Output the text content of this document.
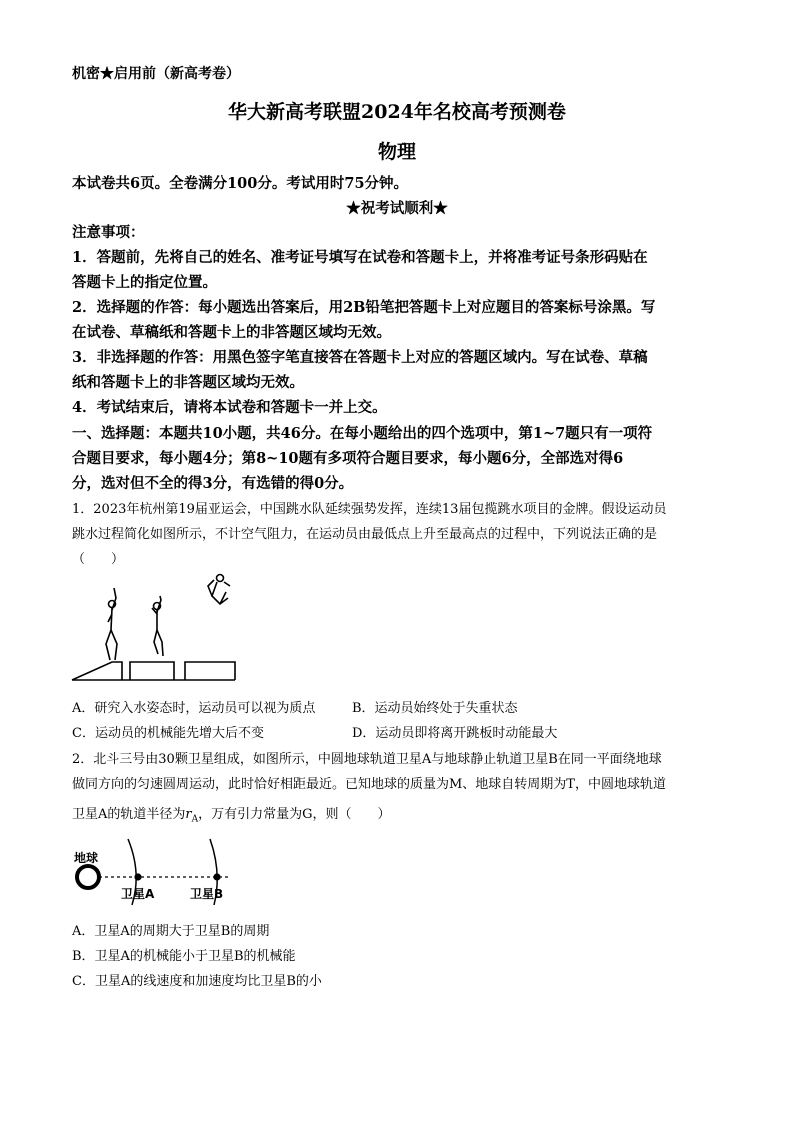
机密★启用前（新高考卷）
华大新高考联盟2024年名校高考预测卷
物理
本试卷共6页。全卷满分100分。考试用时75分钟。
★祝考试顺利★
注意事项：
1．答题前，先将自己的姓名、准考证号填写在试卷和答题卡上，并将准考证号条形码贴在
答题卡上的指定位置。
2．选择题的作答：每小题选出答案后，用2B铅笔把答题卡上对应题目的答案标号涂黑。写
在试卷、草稿纸和答题卡上的非答题区域均无效。
3．非选择题的作答：用黑色签字笔直接答在答题卡上对应的答题区域内。写在试卷、草稿
纸和答题卡上的非答题区域均无效。
4．考试结束后，请将本试卷和答题卡一并上交。
一、选择题：本题共10小题，共46分。在每小题给出的四个选项中，第1~7题只有一项符
合题目要求，每小题4分；第8~10题有多项符合题目要求，每小题6分，全部选对得6
分，选对但不全的得3分，有选错的得0分。
1．2023年杭州第19届亚运会，中国跳水队延续强势发挥，连续13届包揽跳水项目的金牌。假设运动员
跳水过程简化如图所示，不计空气阻力，在运动员由最低点上升至最高点的过程中，下列说法正确的是
（　　）
A．研究入水姿态时，运动员可以视为质点	B．运动员始终处于失重状态
C．运动员的机械能先增大后不变	D．运动员即将离开跳板时动能最大
2．北斗三号由30颗卫星组成，如图所示，中圆地球轨道卫星A与地球静止轨道卫星B在同一平面绕地球
做同方向的匀速圆周运动，此时恰好相距最近。已知地球的质量为M、地球自转周期为T，中圆地球轨道
卫星A的轨道半径为$r_A$，万有引力常量为G，则（　　）
地球
卫星A	卫星B
A．卫星A的周期大于卫星B的周期
B．卫星A的机械能小于卫星B的机械能
C．卫星A的线速度和加速度均比卫星B的小
